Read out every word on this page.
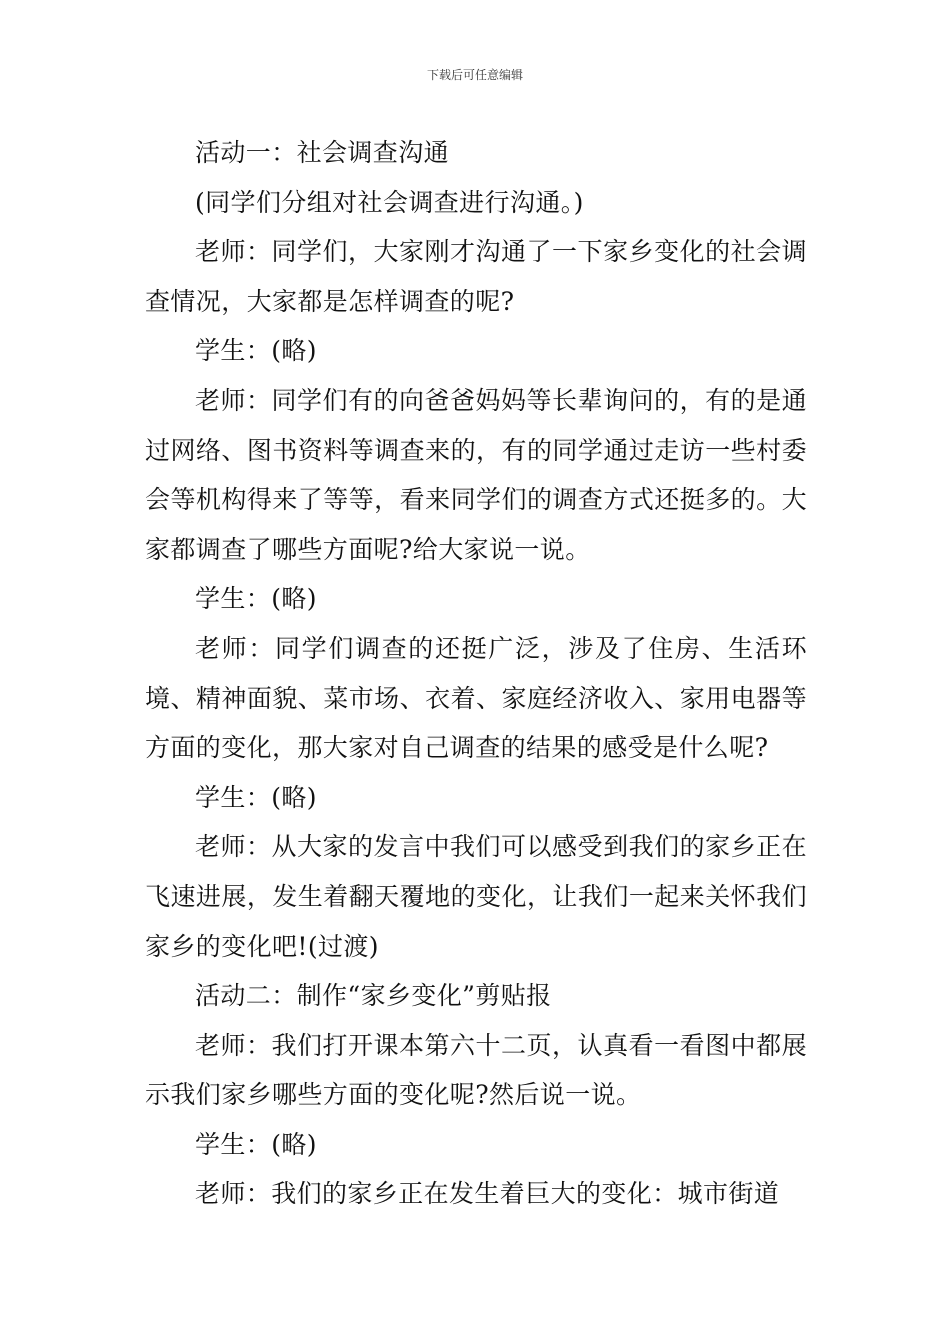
下载后可任意编辑

活动一：社会调查沟通

(同学们分组对社会调查进行沟通。)

老师：同学们，大家刚才沟通了一下家乡变化的社会调查情况，大家都是怎样调查的呢?

学生：(略)

老师：同学们有的向爸爸妈妈等长辈询问的，有的是通过网络、图书资料等调查来的，有的同学通过走访一些村委会等机构得来了等等，看来同学们的调查方式还挺多的。大家都调查了哪些方面呢?给大家说一说。

学生：(略)

老师：同学们调查的还挺广泛，涉及了住房、生活环境、精神面貌、菜市场、衣着、家庭经济收入、家用电器等方面的变化，那大家对自己调查的结果的感受是什么呢?

学生：(略)

老师：从大家的发言中我们可以感受到我们的家乡正在飞速进展，发生着翻天覆地的变化，让我们一起来关怀我们家乡的变化吧!(过渡)

活动二：制作“家乡变化”剪贴报

老师：我们打开课本第六十二页，认真看一看图中都展示我们家乡哪些方面的变化呢?然后说一说。

学生：(略)

老师：我们的家乡正在发生着巨大的变化：城市街道
